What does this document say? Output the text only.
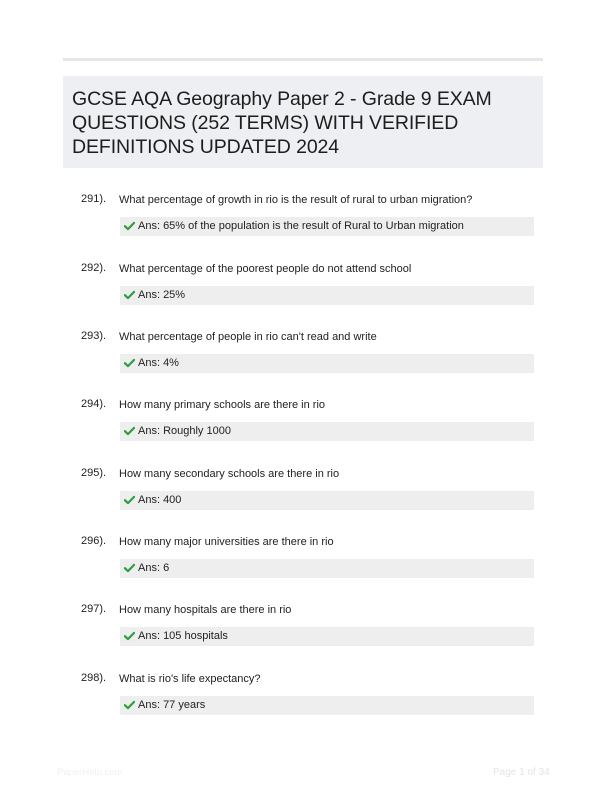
GCSE AQA Geography Paper 2 - Grade 9 EXAM QUESTIONS (252 TERMS) WITH VERIFIED DEFINITIONS UPDATED 2024
291). What percentage of growth in rio is the result of rural to urban migration?
Ans: 65% of the population is the result of Rural to Urban migration
292). What percentage of the poorest people do not attend school
Ans: 25%
293). What percentage of people in rio can't read and write
Ans: 4%
294). How many primary schools are there in rio
Ans: Roughly 1000
295). How many secondary schools are there in rio
Ans: 400
296). How many major universities are there in rio
Ans: 6
297). How many hospitals are there in rio
Ans: 105 hospitals
298). What is rio's life expectancy?
Ans: 77 years
PaperHelp.com	Page 1 of 34
